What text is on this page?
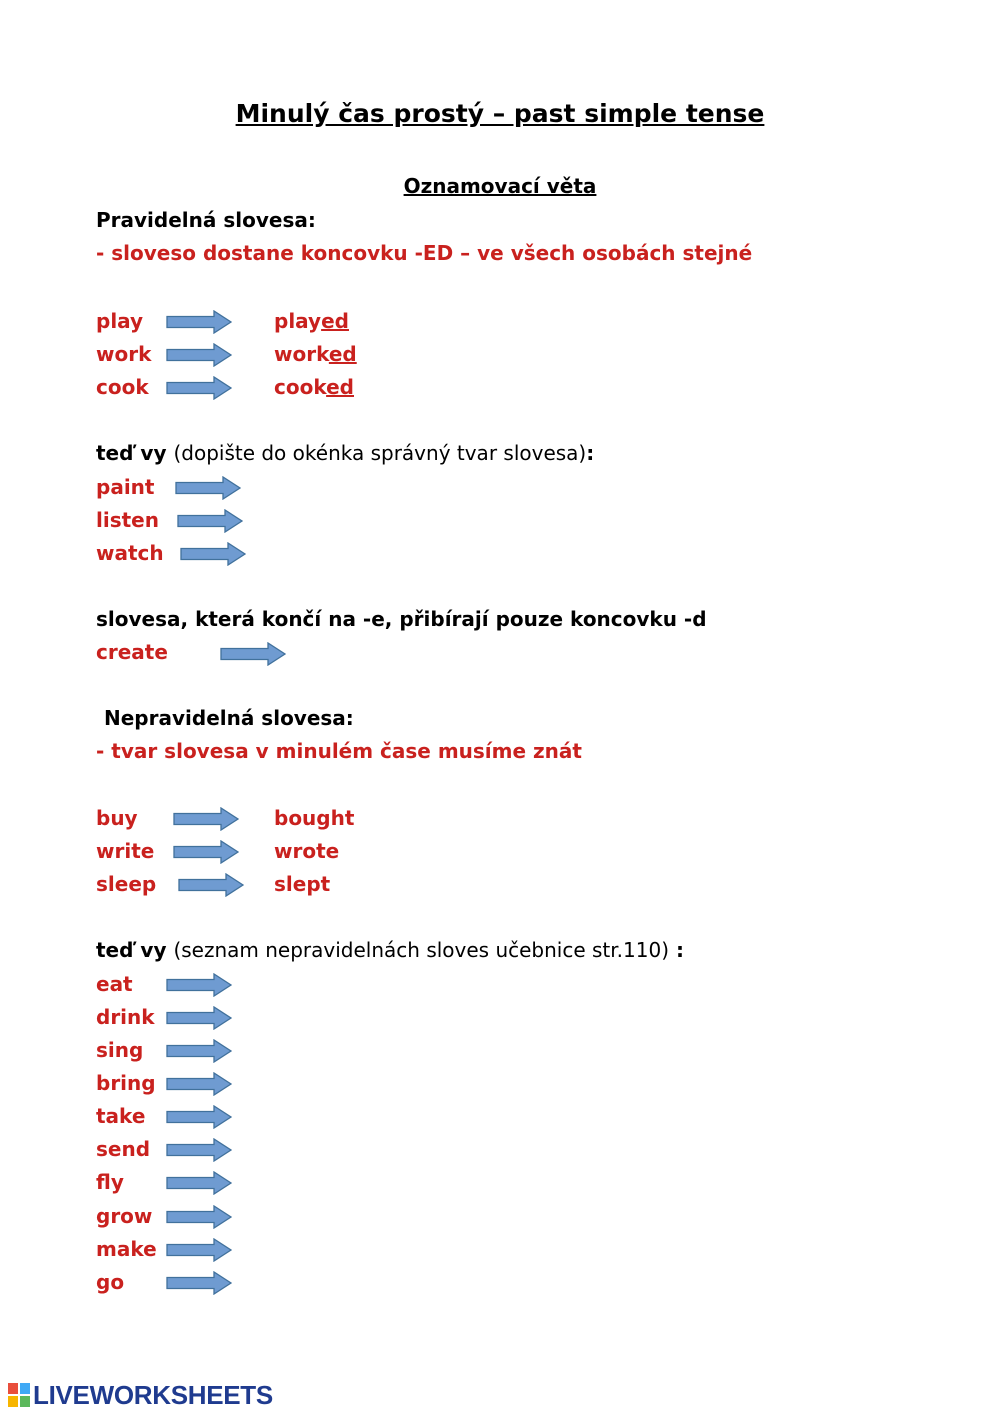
Minulý čas prostý – past simple tense
Oznamovací věta
Pravidelná slovesa:
- sloveso dostane koncovku -ED – ve všech osobách stejné
play	played
work	worked
cook	cooked
teď vy (dopište do okénka správný tvar slovesa):
paint
listen
watch
slovesa, která končí na -e, přibírají pouze koncovku -d
create
Nepravidelná slovesa:
- tvar slovesa v minulém čase musíme znát
buy	bought
write	wrote
sleep	slept
teď vy (seznam nepravidelnách sloves učebnice str.110) :
eat
drink
sing
bring
take
send
fly
grow
make
go
LIVEWORKSHEETS
